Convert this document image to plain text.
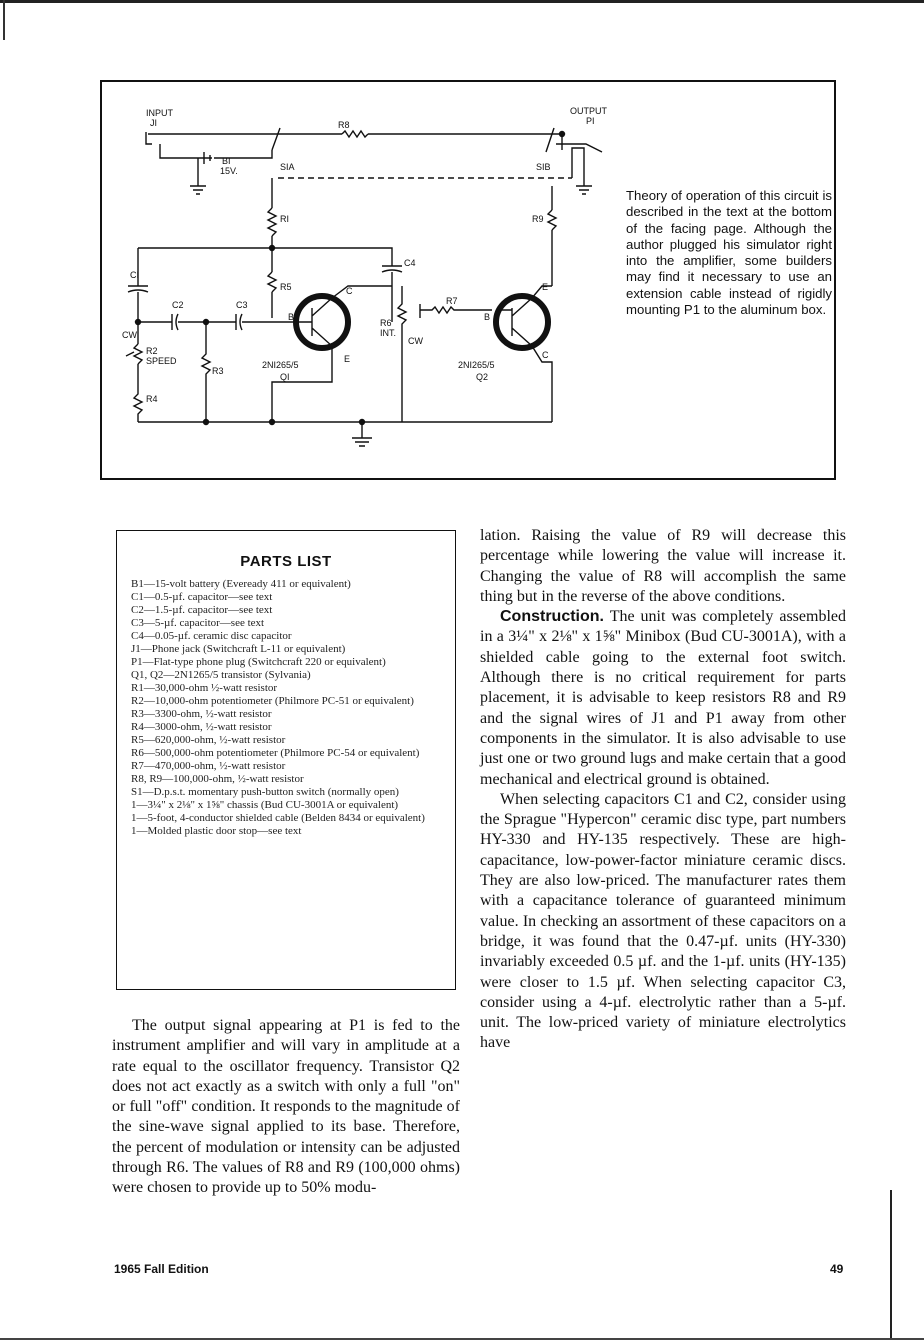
INPUT
JI
OUTPUT
PI
R8
BI
15V.	SIA	SIB
RI	R9
C4
CI
R5
C2	C3	R7
R6
INT.
CW
CW
R2
SPEED
R3
R4
2NI265/5
QI
2NI265/5
Q2
C
B
E	C
B
E
Theory of operation of this circuit is described in the text at the bottom of the facing page. Although the author plugged his simulator right into the amplifier, some builders may find it necessary to use an extension cable instead of rigidly mounting P1 to the aluminum box.
PARTS LIST
B1—15-volt battery (Eveready 411 or equivalent)
C1—0.5-µf. capacitor—see text
C2—1.5-µf. capacitor—see text
C3—5-µf. capacitor—see text
C4—0.05-µf. ceramic disc capacitor
J1—Phone jack (Switchcraft L-11 or equivalent)
P1—Flat-type phone plug (Switchcraft 220 or equivalent)
Q1, Q2—2N1265/5 transistor (Sylvania)
R1—30,000-ohm ½-watt resistor
R2—10,000-ohm potentiometer (Philmore PC-51 or equivalent)
R3—3300-ohm, ½-watt resistor
R4—3000-ohm, ½-watt resistor
R5—620,000-ohm, ½-watt resistor
R6—500,000-ohm potentiometer (Philmore PC-54 or equivalent)
R7—470,000-ohm, ½-watt resistor
R8, R9—100,000-ohm, ½-watt resistor
S1—D.p.s.t. momentary push-button switch (normally open)
1—3¼" x 2⅛" x 1⅝" chassis (Bud CU-3001A or equivalent)
1—5-foot, 4-conductor shielded cable (Belden 8434 or equivalent)
1—Molded plastic door stop—see text

The output signal appearing at P1 is fed to the instrument amplifier and will vary in amplitude at a rate equal to the oscillator frequency. Transistor Q2 does not act exactly as a switch with only a full "on" or full "off" condition. It responds to the magnitude of the sine-wave signal applied to its base. Therefore, the percent of modulation or intensity can be adjusted through R6. The values of R8 and R9 (100,000 ohms) were chosen to provide up to 50% modu-

lation. Raising the value of R9 will decrease this percentage while lowering the value will increase it. Changing the value of R8 will accomplish the same thing but in the reverse of the above conditions.

Construction. The unit was completely assembled in a 3¼" x 2⅛" x 1⅝" Minibox (Bud CU-3001A), with a shielded cable going to the external foot switch. Although there is no critical requirement for parts placement, it is advisable to keep resistors R8 and R9 and the signal wires of J1 and P1 away from other components in the simulator. It is also advisable to use just one or two ground lugs and make certain that a good mechanical and electrical ground is obtained.

When selecting capacitors C1 and C2, consider using the Sprague "Hypercon" ceramic disc type, part numbers HY-330 and HY-135 respectively. These are high-capacitance, low-power-factor miniature ceramic discs. They are also low-priced. The manufacturer rates them with a capacitance tolerance of guaranteed minimum value. In checking an assortment of these capacitors on a bridge, it was found that the 0.47-µf. units (HY-330) invariably exceeded 0.5 µf. and the 1-µf. units (HY-135) were closer to 1.5 µf. When selecting capacitor C3, consider using a 4-µf. electrolytic rather than a 5-µf. unit. The low-priced variety of miniature electrolytics have

1965 Fall Edition	49
